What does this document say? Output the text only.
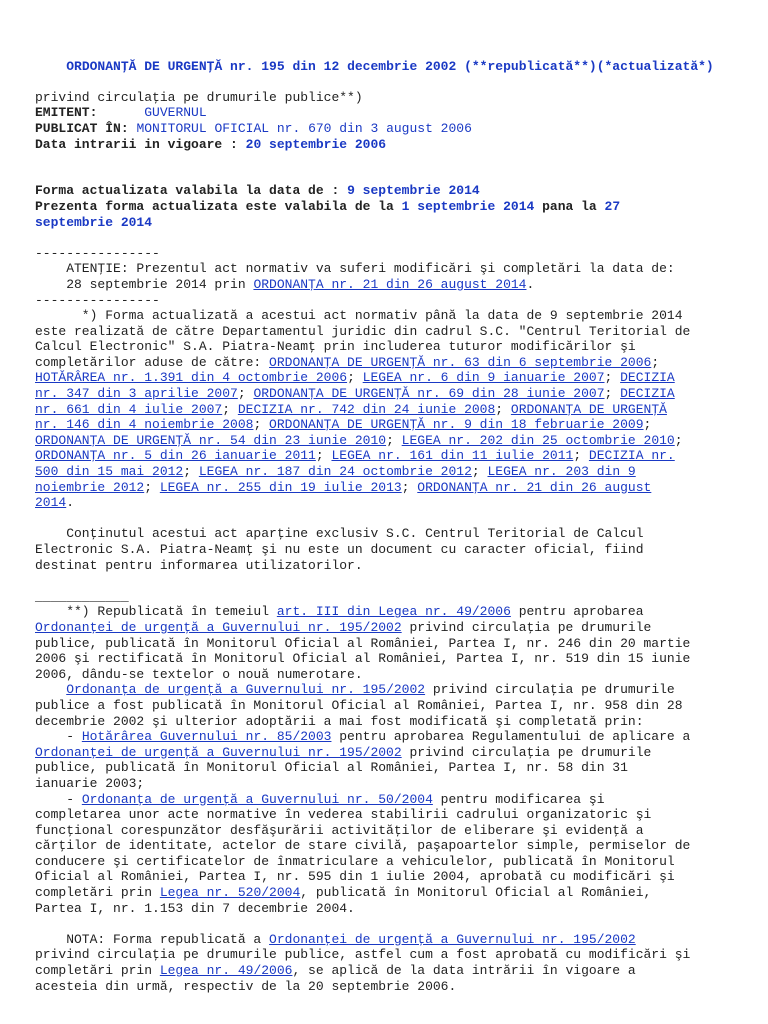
ORDONANŢĂ DE URGENŢĂ nr. 195 din 12 decembrie 2002 (**republicată**)(*actualizată*)

privind circulaţia pe drumurile publice**)
EMITENT:	GUVERNUL
PUBLICAT ÎN: MONITORUL OFICIAL nr. 670 din 3 august 2006
Data intrarii in vigoare : 20 septembrie 2006
Forma actualizata valabila la data de : 9 septembrie 2014
Prezenta forma actualizata este valabila de la 1 septembrie 2014 pana la 27
septembrie 2014
----------------
ATENŢIE: Prezentul act normativ va suferi modificări şi completări la data de:
28 septembrie 2014 prin ORDONANŢA nr. 21 din 26 august 2014.
----------------
*) Forma actualizată a acestui act normativ până la data de 9 septembrie 2014
este realizată de către Departamentul juridic din cadrul S.C. "Centrul Teritorial de
Calcul Electronic" S.A. Piatra-Neamţ prin includerea tuturor modificărilor şi
completărilor aduse de către: ORDONANŢA DE URGENŢĂ nr. 63 din 6 septembrie 2006;
HOTĂRÂREA nr. 1.391 din 4 octombrie 2006; LEGEA nr. 6 din 9 ianuarie 2007; DECIZIA
nr. 347 din 3 aprilie 2007; ORDONANŢA DE URGENŢĂ nr. 69 din 28 iunie 2007; DECIZIA
nr. 661 din 4 iulie 2007; DECIZIA nr. 742 din 24 iunie 2008; ORDONANŢA DE URGENŢĂ
nr. 146 din 4 noiembrie 2008; ORDONANŢA DE URGENŢĂ nr. 9 din 18 februarie 2009;
ORDONANŢA DE URGENŢĂ nr. 54 din 23 iunie 2010; LEGEA nr. 202 din 25 octombrie 2010;
ORDONANŢA nr. 5 din 26 ianuarie 2011; LEGEA nr. 161 din 11 iulie 2011; DECIZIA nr.
500 din 15 mai 2012; LEGEA nr. 187 din 24 octombrie 2012; LEGEA nr. 203 din 9
noiembrie 2012; LEGEA nr. 255 din 19 iulie 2013; ORDONANŢA nr. 21 din 26 august
2014.
Conţinutul acestui act aparţine exclusiv S.C. Centrul Teritorial de Calcul
Electronic S.A. Piatra-Neamţ şi nu este un document cu caracter oficial, fiind
destinat pentru informarea utilizatorilor.
____________
**) Republicată în temeiul art. III din Legea nr. 49/2006 pentru aprobarea
Ordonanţei de urgenţă a Guvernului nr. 195/2002 privind circulaţia pe drumurile
publice, publicată în Monitorul Oficial al României, Partea I, nr. 246 din 20 martie
2006 şi rectificată în Monitorul Oficial al României, Partea I, nr. 519 din 15 iunie
2006, dându-se textelor o nouă numerotare.
Ordonanţa de urgenţă a Guvernului nr. 195/2002 privind circulaţia pe drumurile
publice a fost publicată în Monitorul Oficial al României, Partea I, nr. 958 din 28
decembrie 2002 şi ulterior adoptării a mai fost modificată şi completată prin:
- Hotărârea Guvernului nr. 85/2003 pentru aprobarea Regulamentului de aplicare a
Ordonanţei de urgenţă a Guvernului nr. 195/2002 privind circulaţia pe drumurile
publice, publicată în Monitorul Oficial al României, Partea I, nr. 58 din 31
ianuarie 2003;
- Ordonanţa de urgenţă a Guvernului nr. 50/2004 pentru modificarea şi
completarea unor acte normative în vederea stabilirii cadrului organizatoric şi
funcţional corespunzător desfăşurării activităţilor de eliberare şi evidenţă a
cărţilor de identitate, actelor de stare civilă, paşapoartelor simple, permiselor de
conducere şi certificatelor de înmatriculare a vehiculelor, publicată în Monitorul
Oficial al României, Partea I, nr. 595 din 1 iulie 2004, aprobată cu modificări şi
completări prin Legea nr. 520/2004, publicată în Monitorul Oficial al României,
Partea I, nr. 1.153 din 7 decembrie 2004.
NOTA: Forma republicată a Ordonanţei de urgenţă a Guvernului nr. 195/2002
privind circulaţia pe drumurile publice, astfel cum a fost aprobată cu modificări şi
completări prin Legea nr. 49/2006, se aplică de la data intrării în vigoare a
acesteia din urmă, respectiv de la 20 septembrie 2006.
